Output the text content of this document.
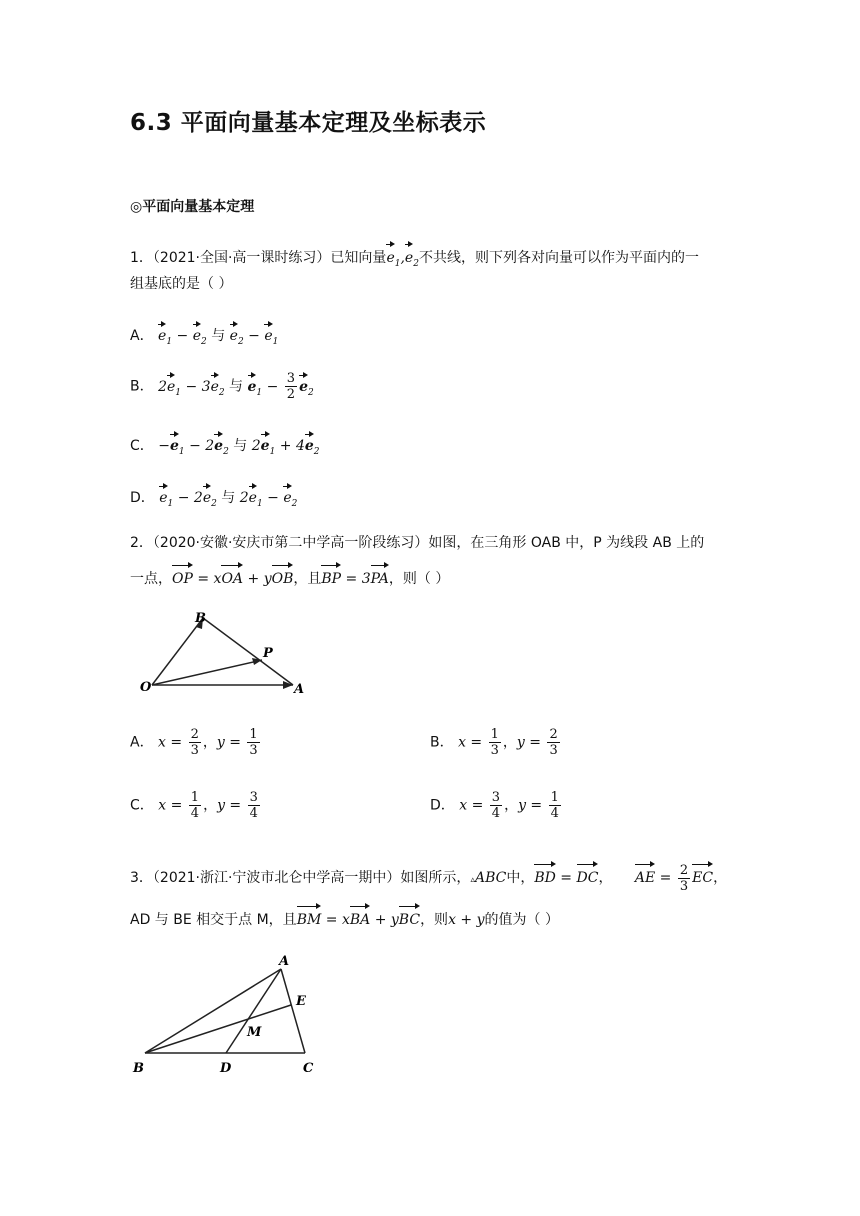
6.3 平面向量基本定理及坐标表示
◎平面向量基本定理
1．（2021·全国·高一课时练习）已知向量$e_1,e_2$不共线，则下列各对向量可以作为平面内的一
组基底的是（ ）
A． $e_1 - e_2$ 与 $e_2 - e_1$
B． $2e_1 - 3e_2$ 与 $e_1 - \frac{3}{2} e_2$
C． $-e_1 - 2e_2$ 与 $2e_1 + 4e_2$
D． $e_1 - 2e_2$ 与 $2e_1 - e_2$
2．（2020·安徽·安庆市第二中学高一阶段练习）如图，在三角形 OAB 中，P 为线段 AB 上的
一点，OP = xOA + yOB，且BP = 3PA，则（ ）
B
P
O	A
A． $x = \frac{2}{3}$ ，$y = \frac{1}{3}$	B． $x = \frac{1}{3}$ ，$y = \frac{2}{3}$
C． $x = \frac{1}{4}$ ，$y = \frac{3}{4}$	D． $x = \frac{3}{4}$ ，$y = \frac{1}{4}$
3．（2021·浙江·宁波市北仑中学高一期中）如图所示，▵ABC中，BD = DC， AE = $\frac{2}{3}$ EC，
AD 与 BE 相交于点 M，且BM = xBA + yBC，则x + y的值为（ ）
A
E
M
B	D	C
